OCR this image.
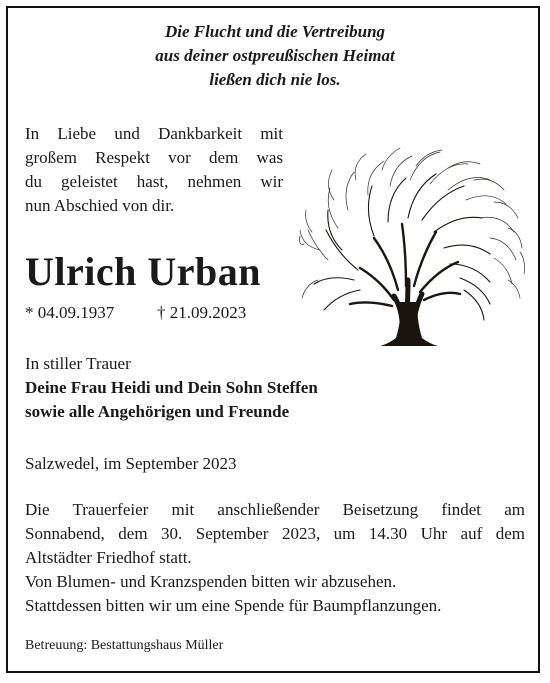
Die Flucht und die Vertreibung
aus deiner ostpreußischen Heimat
ließen dich nie los.
In Liebe und Dankbarkeit mit
großem Respekt vor dem was
du geleistet hast, nehmen wir
nun Abschied von dir.
Ulrich Urban
* 04.09.1937	† 21.09.2023
In stiller Trauer
Deine Frau Heidi und Dein Sohn Steffen
sowie alle Angehörigen und Freunde
Salzwedel, im September 2023
Die Trauerfeier mit anschließender Beisetzung findet am
Sonnabend, dem 30. September 2023, um 14.30 Uhr auf dem
Altstädter Friedhof statt.
Von Blumen- und Kranzspenden bitten wir abzusehen.
Stattdessen bitten wir um eine Spende für Baumpflanzungen.
Betreuung: Bestattungshaus Müller
